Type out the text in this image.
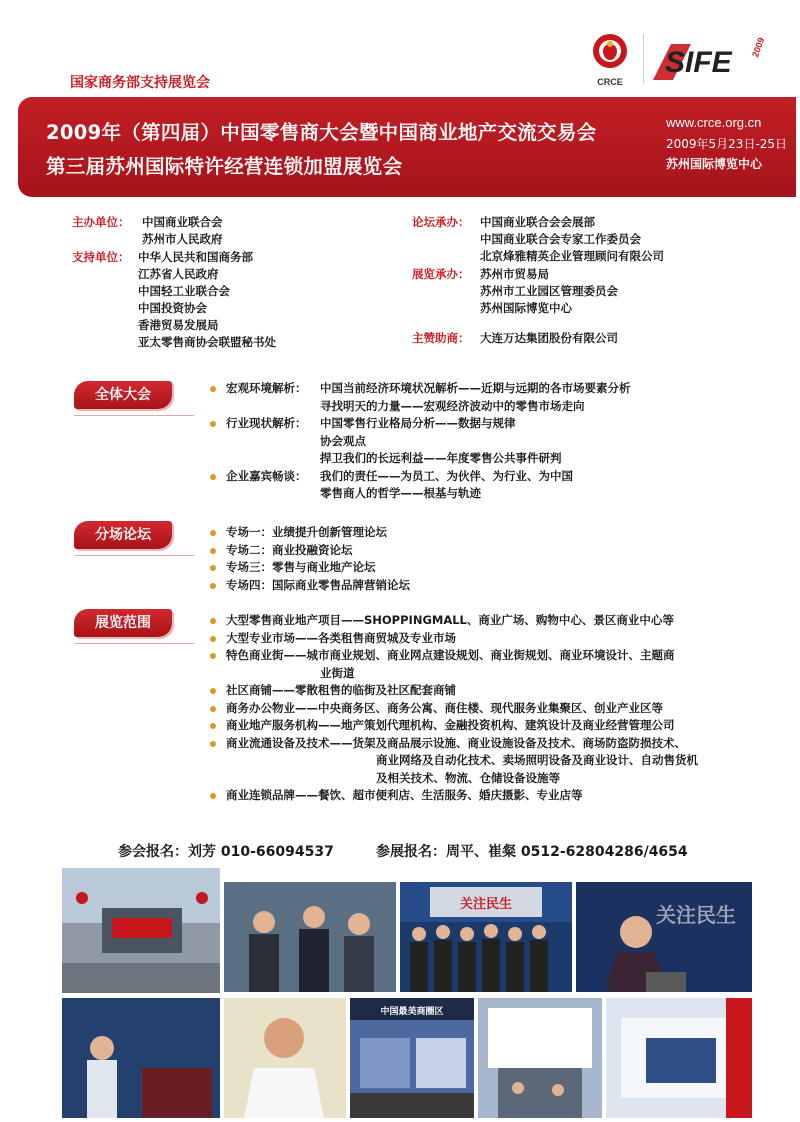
国家商务部支持展览会	CRCE
SIFE 2009
2009年（第四届）中国零售商大会暨中国商业地产交流交易会
第三届苏州国际特许经营连锁加盟展览会
www.crce.org.cn
2009年5月23日-25日
苏州国际博览中心
主办单位： 中国商业联合会
苏州市人民政府
支持单位： 中华人民共和国商务部
江苏省人民政府
中国轻工业联合会
中国投资协会
香港贸易发展局
亚太零售商协会联盟秘书处
论坛承办： 中国商业联合会会展部
中国商业联合会专家工作委员会
北京烽雅精英企业管理顾问有限公司
展览承办： 苏州市贸易局
苏州市工业园区管理委员会
苏州国际博览中心
主赞助商： 大连万达集团股份有限公司
全体大会	宏观环境解析： 中国当前经济环境状况解析——近期与远期的各市场要素分析
寻找明天的力量——宏观经济波动中的零售市场走向
行业现状解析： 中国零售行业格局分析——数据与规律
协会观点
捍卫我们的长远利益——年度零售公共事件研判
企业嘉宾畅谈： 我们的责任——为员工、为伙伴、为行业、为中国
零售商人的哲学——根基与轨迹
分场论坛	专场一：业绩提升创新管理论坛
专场二：商业投融资论坛
专场三：零售与商业地产论坛
专场四：国际商业零售品牌营销论坛
展览范围	大型零售商业地产项目——SHOPPINGMALL、商业广场、购物中心、景区商业中心等
大型专业市场——各类租售商贸城及专业市场
特色商业街——城市商业规划、商业网点建设规划、商业街规划、商业环境设计、主题商
业街道
社区商铺——零散租售的临街及社区配套商铺
商务办公物业——中央商务区、商务公寓、商住楼、现代服务业集聚区、创业产业区等
商业地产服务机构——地产策划代理机构、金融投资机构、建筑设计及商业经营管理公司
商业流通设备及技术——货架及商品展示设施、商业设施设备及技术、商场防盗防损技术、
商业网络及自动化技术、卖场照明设备及商业设计、自动售货机
及相关技术、物流、仓储设备设施等
商业连锁品牌——餐饮、超市便利店、生活服务、婚庆摄影、专业店等
参会报名：刘芳 010-66094537	参展报名：周平、崔粲 0512-62804286/4654
关注民生	关注民生
中国最美商圈区
